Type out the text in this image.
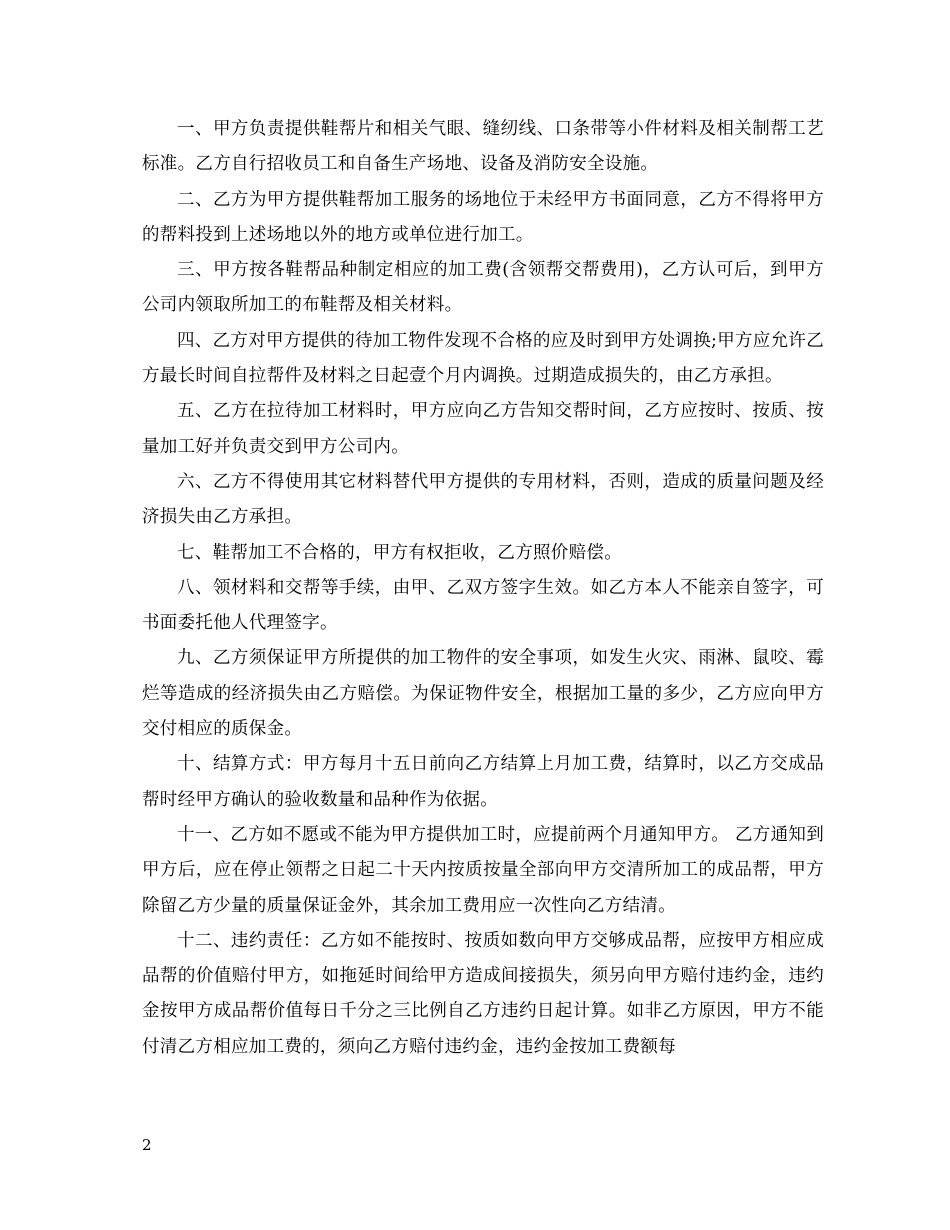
一、甲方负责提供鞋帮片和相关气眼、缝纫线、口条带等小件材料及相关制帮工艺标准。乙方自行招收员工和自备生产场地、设备及消防安全设施。

二、乙方为甲方提供鞋帮加工服务的场地位于未经甲方书面同意，乙方不得将甲方的帮料投到上述场地以外的地方或单位进行加工。

三、甲方按各鞋帮品种制定相应的加工费(含领帮交帮费用)，乙方认可后，到甲方公司内领取所加工的布鞋帮及相关材料。

四、乙方对甲方提供的待加工物件发现不合格的应及时到甲方处调换;甲方应允许乙方最长时间自拉帮件及材料之日起壹个月内调换。过期造成损失的，由乙方承担。

五、乙方在拉待加工材料时，甲方应向乙方告知交帮时间，乙方应按时、按质、按量加工好并负责交到甲方公司内。

六、乙方不得使用其它材料替代甲方提供的专用材料，否则，造成的质量问题及经济损失由乙方承担。

七、鞋帮加工不合格的，甲方有权拒收，乙方照价赔偿。

八、领材料和交帮等手续，由甲、乙双方签字生效。如乙方本人不能亲自签字，可书面委托他人代理签字。

九、乙方须保证甲方所提供的加工物件的安全事项，如发生火灾、雨淋、鼠咬、霉烂等造成的经济损失由乙方赔偿。为保证物件安全，根据加工量的多少，乙方应向甲方交付相应的质保金。

十、结算方式：甲方每月十五日前向乙方结算上月加工费，结算时，以乙方交成品帮时经甲方确认的验收数量和品种作为依据。

十一、乙方如不愿或不能为甲方提供加工时，应提前两个月通知甲方。 乙方通知到甲方后，应在停止领帮之日起二十天内按质按量全部向甲方交清所加工的成品帮，甲方除留乙方少量的质量保证金外，其余加工费用应一次性向乙方结清。

十二、违约责任：乙方如不能按时、按质如数向甲方交够成品帮，应按甲方相应成品帮的价值赔付甲方，如拖延时间给甲方造成间接损失，须另向甲方赔付违约金，违约金按甲方成品帮价值每日千分之三比例自乙方违约日起计算。如非乙方原因，甲方不能付清乙方相应加工费的，须向乙方赔付违约金，违约金按加工费额每

2
